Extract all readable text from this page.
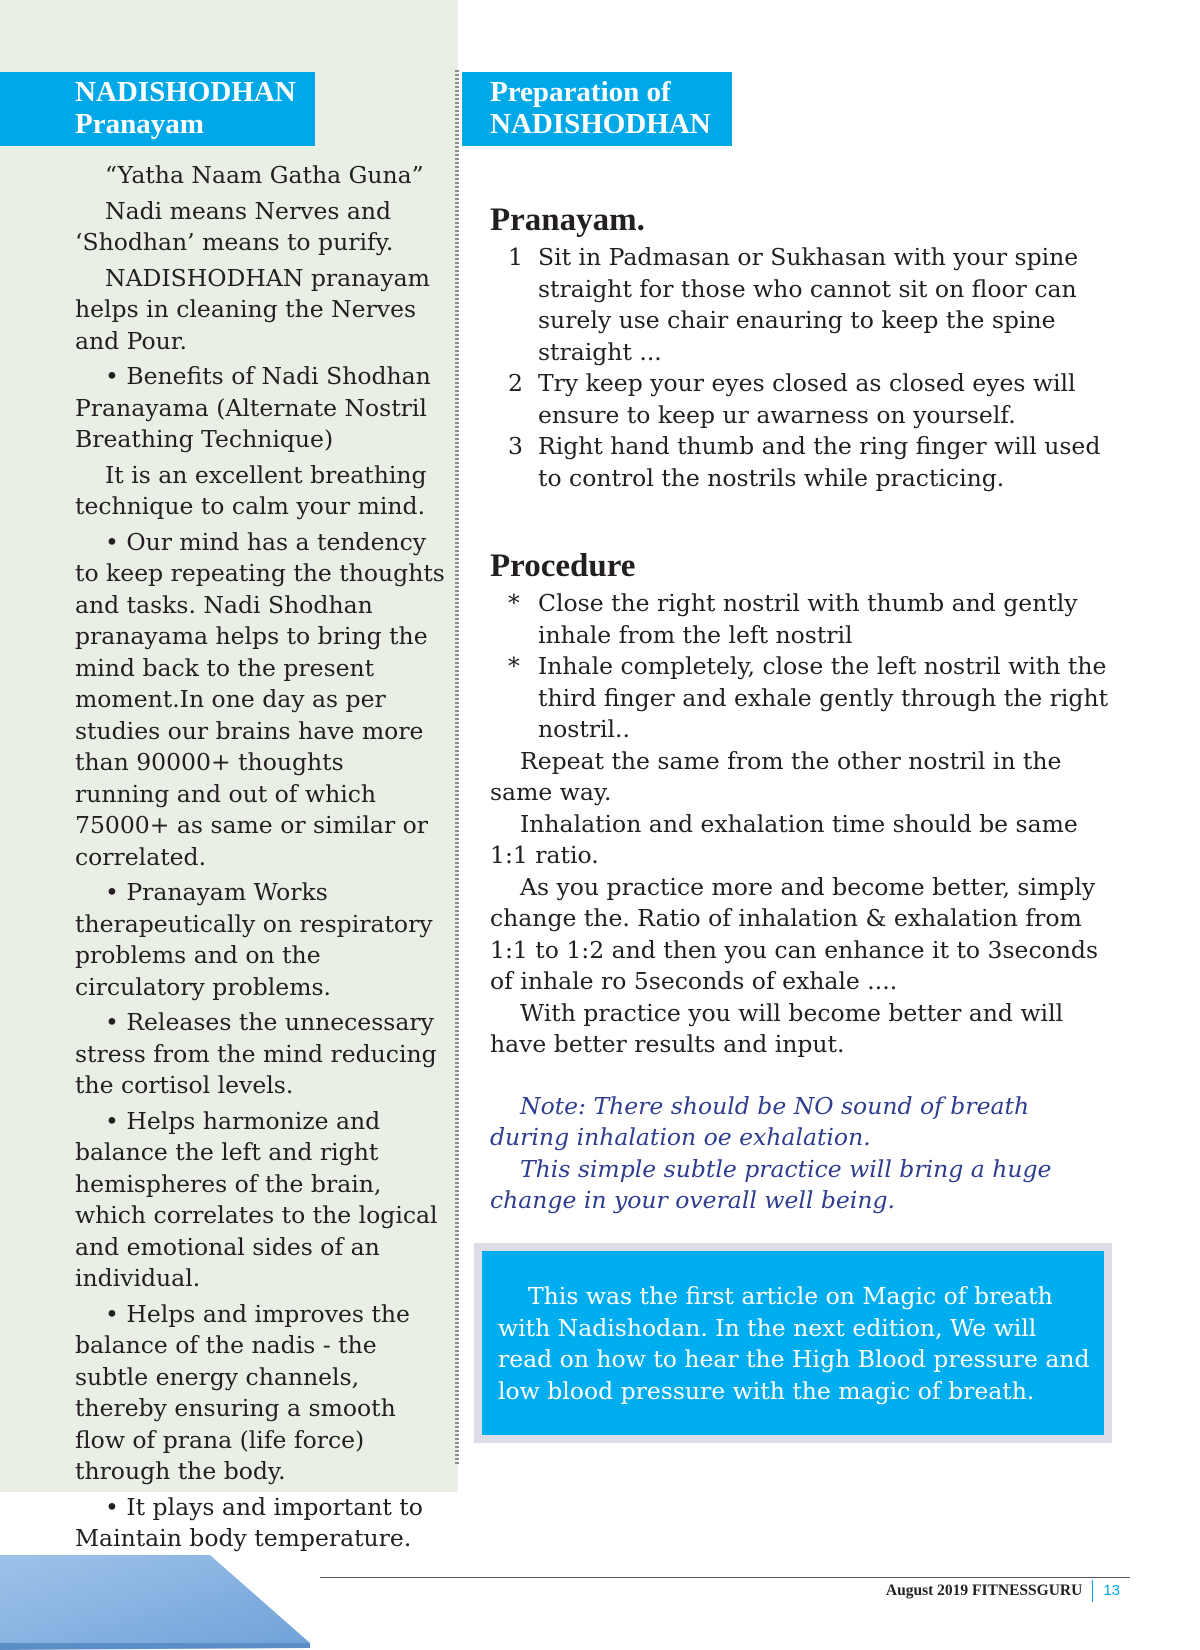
NADISHODHAN
Pranayam
Preparation of
NADISHODHAN

“Yatha Naam Gatha Guna”

Nadi means Nerves and ‘Shodhan’ means to purify.

NADISHODHAN pranayam helps in cleaning the Nerves and Pour.

• Benefits of Nadi Shodhan Pranayama (Alternate Nostril Breathing Technique)

It is an excellent breathing technique to calm your mind.

• Our mind has a tendency to keep repeating the thoughts and tasks. Nadi Shodhan pranayama helps to bring the mind back to the present moment.In one day as per studies our brains have more than 90000+ thoughts running and out of which 75000+ as same or similar or correlated.

• Pranayam Works therapeutically on respiratory problems and on the circulatory problems.

• Releases the unnecessary stress from the mind reducing the cortisol levels.

• Helps harmonize and balance the left and right hemispheres of the brain, which correlates to the logical and emotional sides of an individual.

• Helps and improves the balance of the nadis - the subtle energy channels, thereby ensuring a smooth flow of prana (life force) through the body.

• It plays and important to Maintain body temperature.

Pranayam.
1 Sit in Padmasan or Sukhasan with your spine straight for those who cannot sit on floor can surely use chair enauring to keep the spine straight ...
2 Try keep your eyes closed as closed eyes will ensure to keep ur awarness on yourself.
3 Right hand thumb and the ring finger will used to control the nostrils while practicing.
Procedure
* Close the right nostril with thumb and gently inhale from the left nostril
* Inhale completely, close the left nostril with the third finger and exhale gently through the right nostril..

Repeat the same from the other nostril in the same way.

Inhalation and exhalation time should be same 1:1 ratio.

As you practice more and become better, simply change the. Ratio of inhalation & exhalation from 1:1 to 1:2 and then you can enhance it to 3seconds of inhale ro 5seconds of exhale ....

With practice you will become better and will have better results and input.

Note: There should be NO sound of breath during inhalation oe exhalation.

This simple subtle practice will bring a huge change in your overall well being.

This was the first article on Magic of breath with Nadishodan. In the next edition, We will read on how to hear the High Blood pressure and low blood pressure with the magic of breath.
August 2019 FITNESSGURU 13
